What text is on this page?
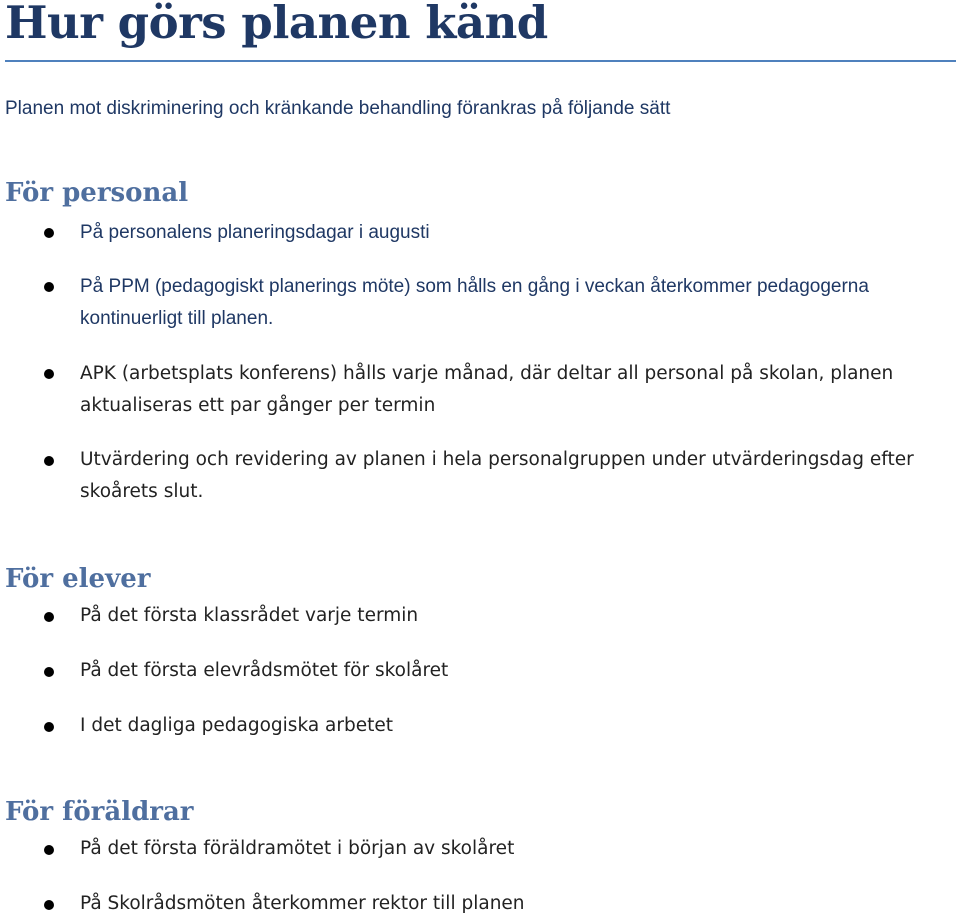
Hur görs planen känd

Planen mot diskriminering och kränkande behandling förankras på följande sätt

För personal

På personalens planeringsdagar i augusti

På PPM (pedagogiskt planerings möte) som hålls en gång i veckan återkommer pedagogerna kontinuerligt till planen.

APK (arbetsplats konferens) hålls varje månad, där deltar all personal på skolan, planen aktualiseras ett par gånger per termin

Utvärdering och revidering av planen i hela personalgruppen under utvärderingsdag efter skoårets slut.

För elever

På det första klassrådet varje termin

På det första elevrådsmötet för skolåret

I det dagliga pedagogiska arbetet

För föräldrar

På det första föräldramötet i början av skolåret

På Skolrådsmöten återkommer rektor till planen
